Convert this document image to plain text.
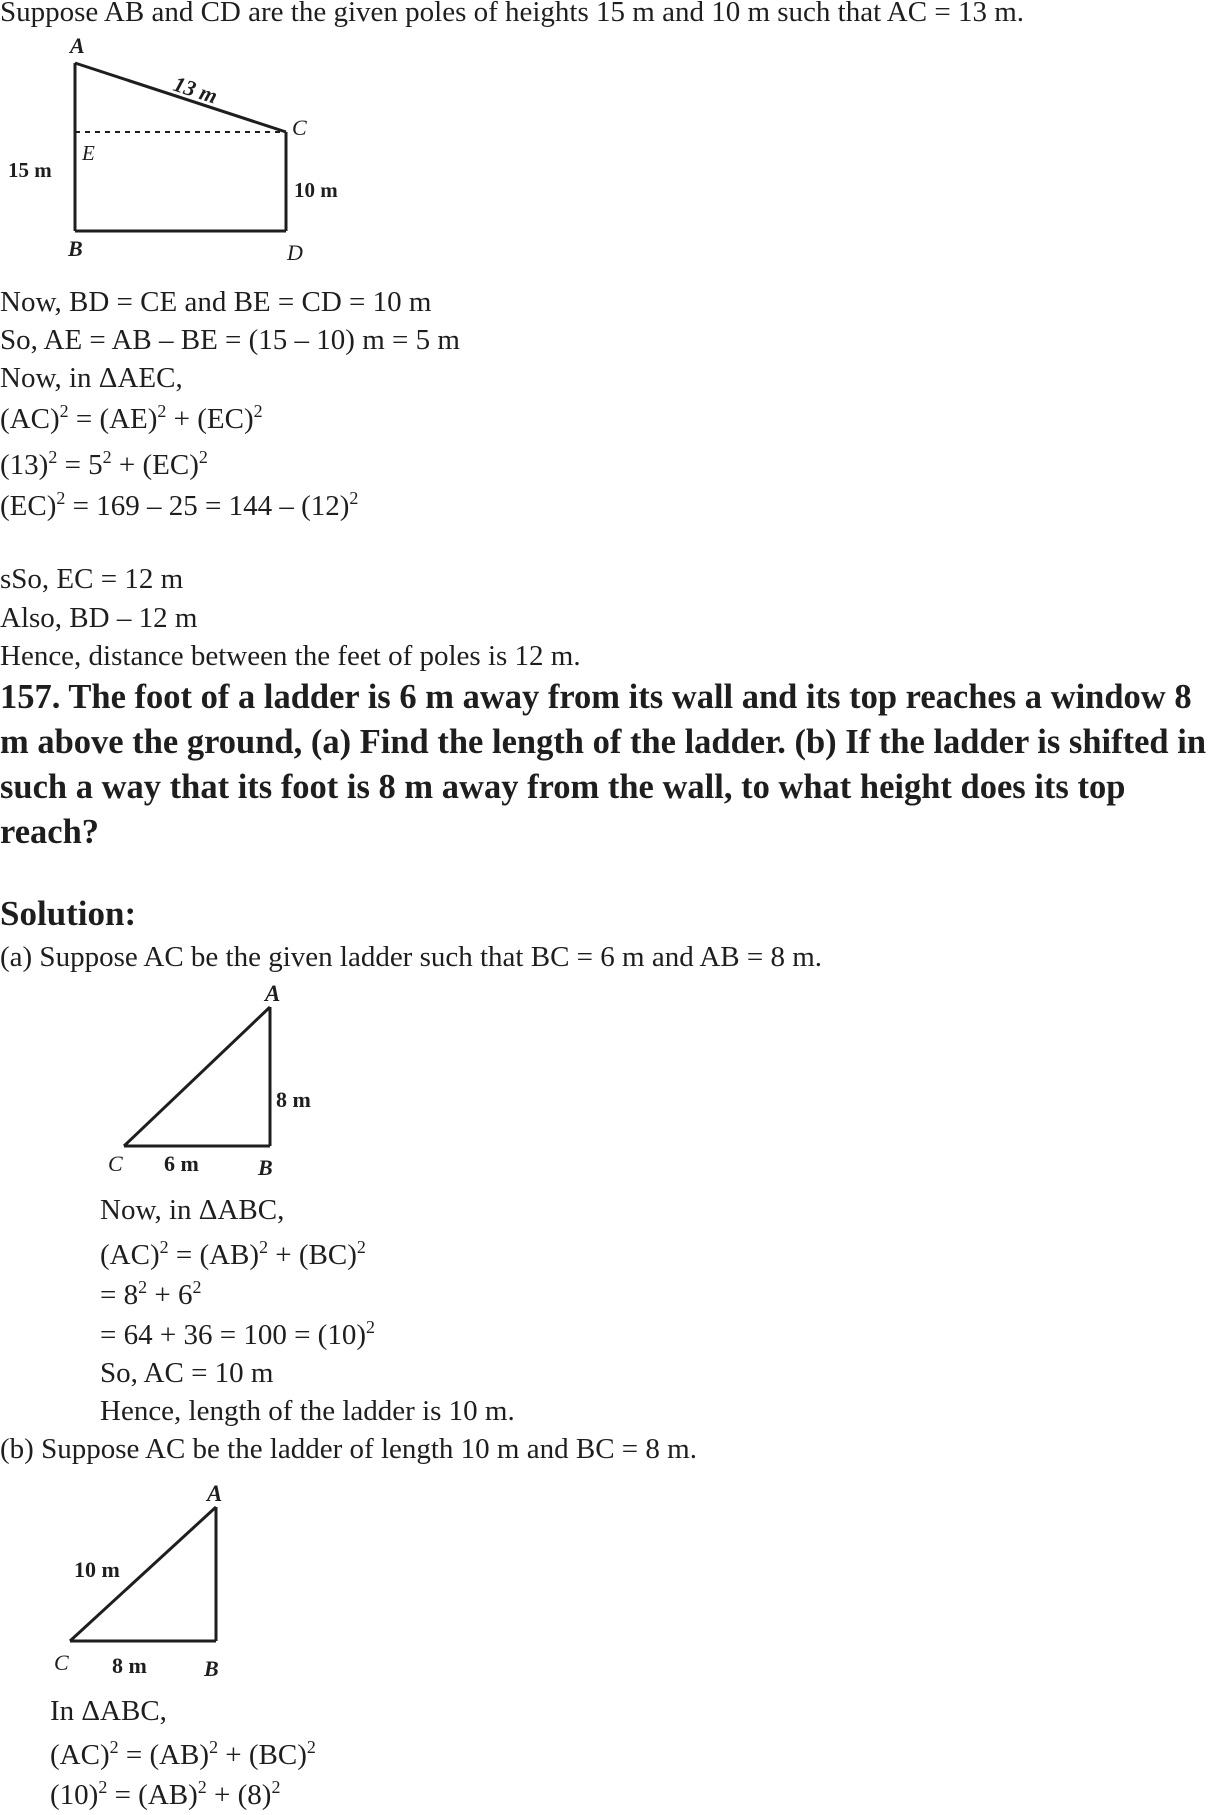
Suppose AB and CD are the given poles of heights 15 m and 10 m such that AC = 13 m.
A
B
C
D
E
13 m
15 m
10 m
Now, BD = CE and BE = CD = 10 m
So, AE = AB – BE = (15 – 10) m = 5 m
Now, in ΔAEC,
(AC)$^2$ = (AE)$^2$ + (EC)$^2$
$(13)^2 = 5^2 + (EC)^2$
$(EC)^2 = 169 - 25 = 144 - (12)^2$
sSo, EC = 12 m
Also, BD – 12 m
Hence, distance between the feet of poles is 12 m.
157. The foot of a ladder is 6 m away from its wall and its top reaches a window 8 m above the ground, (a) Find the length of the ladder. (b) If the ladder is shifted in such a way that its foot is 8 m away from the wall, to what height does its top reach?
Solution:
(a) Suppose AC be the given ladder such that BC = 6 m and AB = 8 m.
A
B
C
8 m
6 m
Now, in ΔABC,
(AC)$^2$ = (AB)$^2$ + (BC)$^2$
= $8^2 + 6^2$
= $64 + 36 = 100 = (10)^2$
So, AC = 10 m
Hence, length of the ladder is 10 m.
(b) Suppose AC be the ladder of length 10 m and BC = 8 m.
A
B
C
10 m
8 m
In ΔABC,
(AC)$^2$ = (AB)$^2$ + (BC)$^2$
$(10)^2 = (AB)^2 + (8)^2$
